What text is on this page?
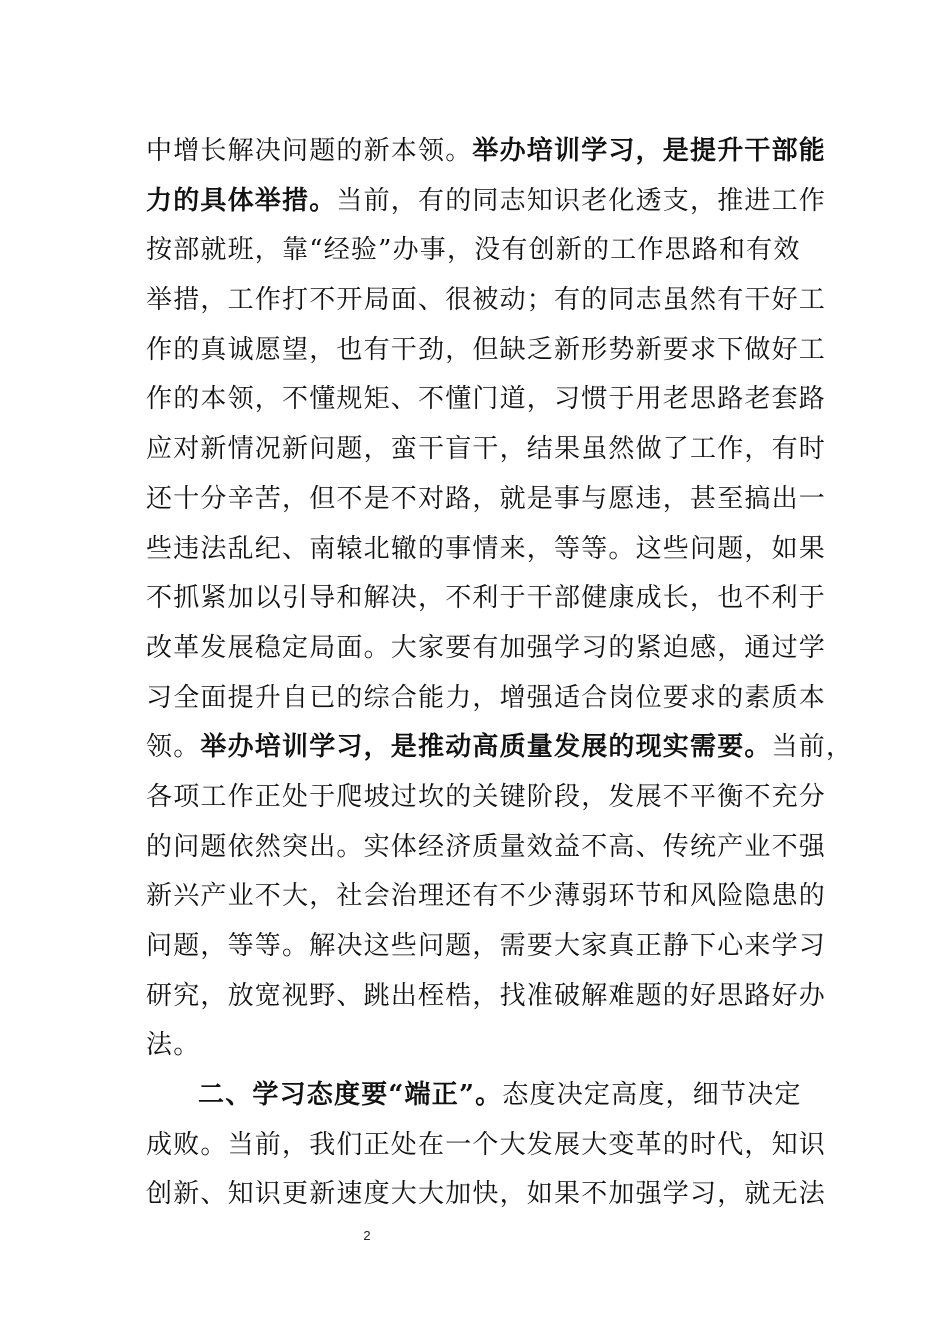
中增长解决问题的新本领。举办培训学习，是提升干部能
力的具体举措。当前，有的同志知识老化透支，推进工作
按部就班，靠“经验”办事，没有创新的工作思路和有效
举措，工作打不开局面、很被动；有的同志虽然有干好工
作的真诚愿望，也有干劲，但缺乏新形势新要求下做好工
作的本领，不懂规矩、不懂门道，习惯于用老思路老套路
应对新情况新问题，蛮干盲干，结果虽然做了工作，有时
还十分辛苦，但不是不对路，就是事与愿违，甚至搞出一
些违法乱纪、南辕北辙的事情来，等等。这些问题，如果
不抓紧加以引导和解决，不利于干部健康成长，也不利于
改革发展稳定局面。大家要有加强学习的紧迫感，通过学
习全面提升自已的综合能力，增强适合岗位要求的素质本
领。举办培训学习，是推动高质量发展的现实需要。当前，
各项工作正处于爬坡过坎的关键阶段，发展不平衡不充分
的问题依然突出。实体经济质量效益不高、传统产业不强
新兴产业不大，社会治理还有不少薄弱环节和风险隐患的
问题，等等。解决这些问题，需要大家真正静下心来学习
研究，放宽视野、跳出桎梏，找准破解难题的好思路好办
法。
二、学习态度要“端正”。态度决定高度，细节决定
成败。当前，我们正处在一个大发展大变革的时代，知识
创新、知识更新速度大大加快，如果不加强学习，就无法
2
